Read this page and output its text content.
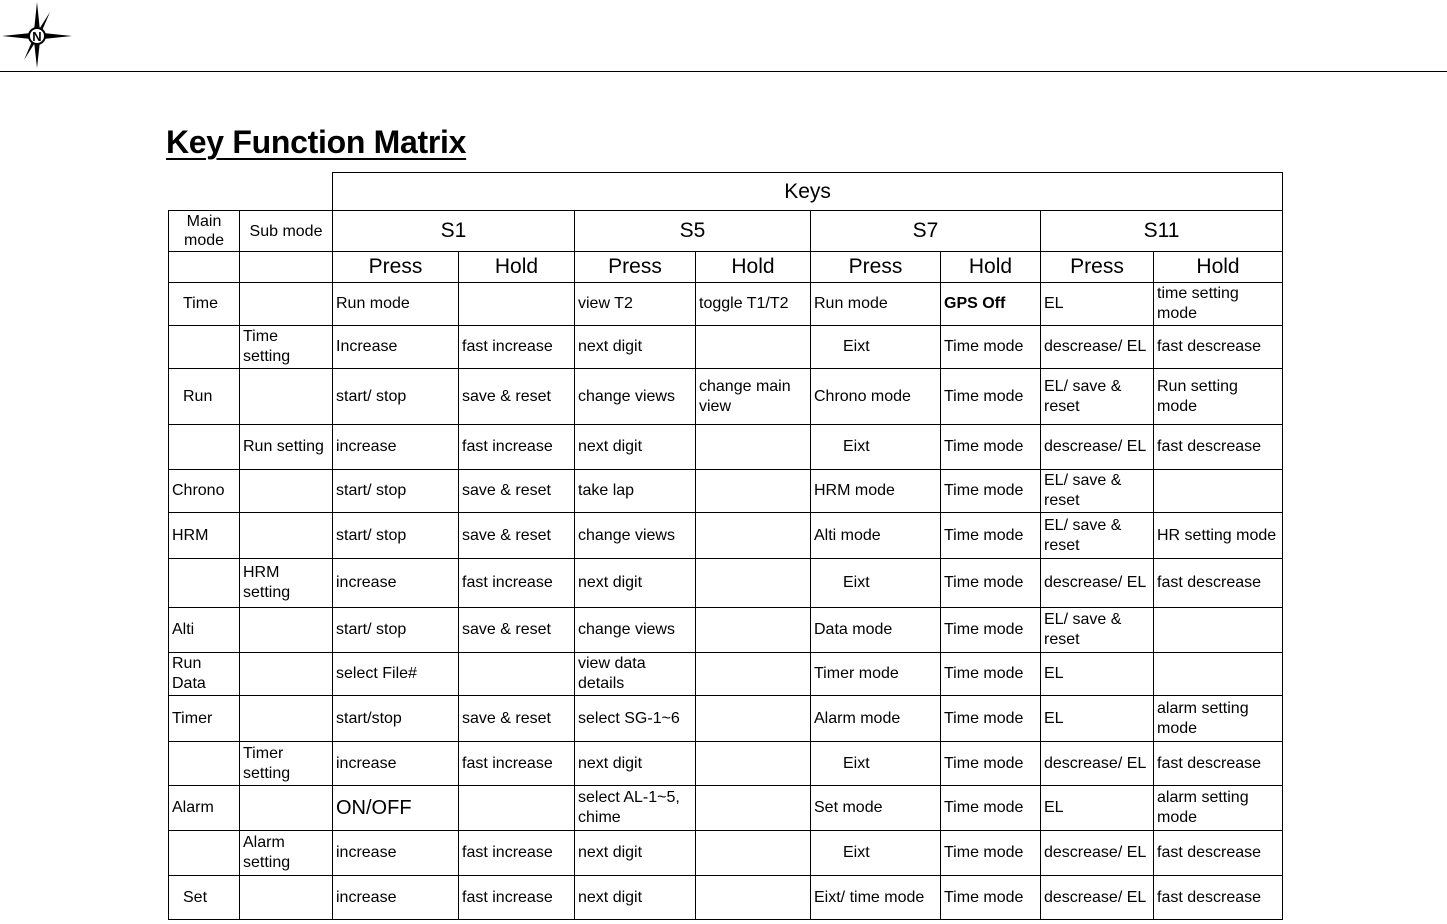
N
Key Function Matrix
		Keys							
Main mode	Sub mode	S1		S5		S7		S11	
		Press	Hold	Press	Hold	Press	Hold	Press	Hold
Time		Run mode		view T2	toggle T1/T2	Run mode	GPS Off	EL	time setting mode
	Time setting	Increase	fast increase	next digit		Eixt	Time mode	descrease/ EL	fast descrease
Run		start/ stop	save & reset	change views	change main view	Chrono mode	Time mode	EL/ save & reset	Run setting mode
	Run setting	increase	fast increase	next digit		Eixt	Time mode	descrease/ EL	fast descrease
Chrono		start/ stop	save & reset	take lap		HRM mode	Time mode	EL/ save & reset	
HRM		start/ stop	save & reset	change views		Alti mode	Time mode	EL/ save & reset	HR setting mode
	HRM setting	increase	fast increase	next digit		Eixt	Time mode	descrease/ EL	fast descrease
Alti		start/ stop	save & reset	change views		Data mode	Time mode	EL/ save & reset	
Run Data		select File#		view data details		Timer mode	Time mode	EL	
Timer		start/stop	save & reset	select SG-1~6		Alarm mode	Time mode	EL	alarm setting mode
	Timer setting	increase	fast increase	next digit		Eixt	Time mode	descrease/ EL	fast descrease
Alarm		ON/OFF		select AL-1~5, chime		Set mode	Time mode	EL	alarm setting mode
	Alarm setting	increase	fast increase	next digit		Eixt	Time mode	descrease/ EL	fast descrease
Set		increase	fast increase	next digit		Eixt/ time mode	Time mode	descrease/ EL	fast descrease
